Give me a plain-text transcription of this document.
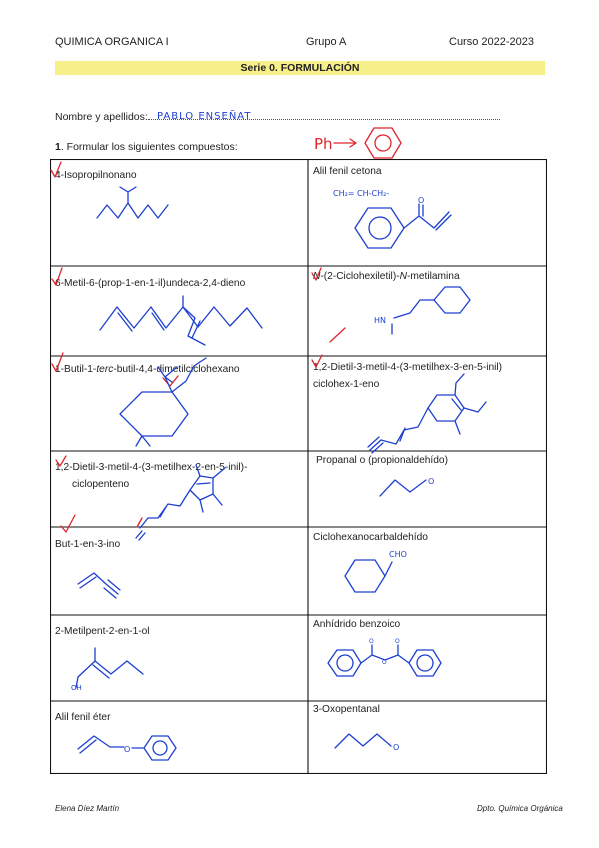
QUIMICA ORGANICA I	Grupo A	Curso 2022-2023
Serie 0. FORMULACIÓN
Nombre y apellidos: PABLO ENSEÑAT
Ph
1. Formular los siguientes compuestos:
4-Isopropilnonano	Alil fenil cetona
6-Metil-6-(prop-1-en-1-il)undeca-2,4-dieno
N-(2-Ciclohexiletil)-N-metilamina
1-Butil-1-terc-butil-4,4-dimetilciclohexano	1,2-Dietil-3-metil-4-(3-metilhex-3-en-5-inil)
ciclohex-1-eno
1,2-Dietil-3-metil-4-(3-metilhex-2-en-5-inil)-
ciclopenteno
Propanal o (propionaldehído)
But-1-en-3-ino
Ciclohexanocarbaldehído
2-Metilpent-2-en-1-ol
Anhídrido benzoico
Alil fenil éter
3-Oxopentanal
CH₂= CH-CH₂-
O
HN
O
CHO
OH
O
O
O
O	O
Elena Díez Martín	Dpto. Química Orgánica
